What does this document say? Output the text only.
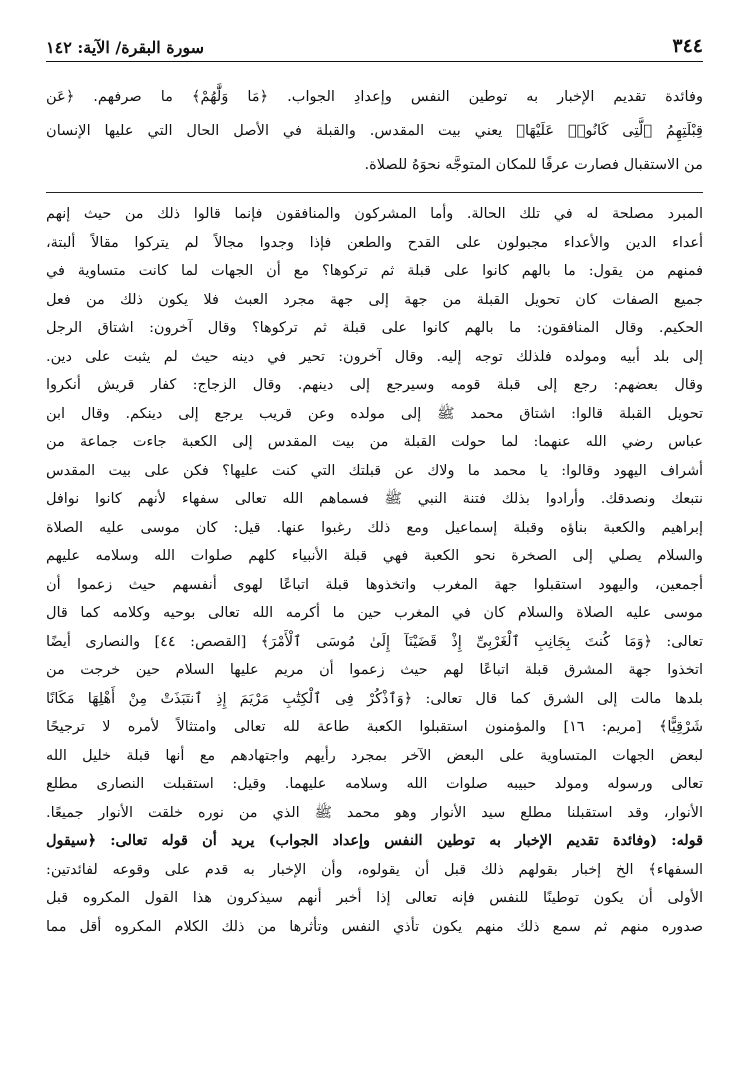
٣٤٤
سورة البقرة/ الآية: ١٤٢
وفائدة تقديم الإخبار به توطين النفس وإعدادِ الجواب. ﴿مَا وَلَّٰهُمْ﴾ ما صرفهم. ﴿عَن
قِبْلَتِهِمُ ٱلَّتِى كَانُوا۟ عَلَيْهَا﴾ يعني بيت المقدس. والقبلة في الأصل الحال التي عليها الإنسان
من الاستقبال فصارت عرفًا للمكان المتوجَّه نحوَهُ للصلاة.
المبرد مصلحة له في تلك الحالة. وأما المشركون والمنافقون فإنما قالوا ذلك من حيث إنهم
أعداء الدين والأعداء مجبولون على القدح والطعن فإذا وجدوا مجالاً لم يتركوا مقالاً ألبتة،
فمنهم من يقول: ما بالهم كانوا على قبلة ثم تركوها؟ مع أن الجهات لما كانت متساوية في
جميع الصفات كان تحويل القبلة من جهة إلى جهة مجرد العبث فلا يكون ذلك من فعل
الحكيم. وقال المنافقون: ما بالهم كانوا على قبلة ثم تركوها؟ وقال آخرون: اشتاق الرجل
إلى بلد أبيه ومولده فلذلك توجه إليه. وقال آخرون: تحير في دينه حيث لم يثبت على دين.
وقال بعضهم: رجع إلى قبلة قومه وسيرجع إلى دينهم. وقال الزجاج: كفار قريش أنكروا
تحويل القبلة قالوا: اشتاق محمد ﷺ إلى مولده وعن قريب يرجع إلى دينكم. وقال ابن
عباس رضي الله عنهما: لما حولت القبلة من بيت المقدس إلى الكعبة جاءت جماعة من
أشراف اليهود وقالوا: يا محمد ما ولاك عن قبلتك التي كنت عليها؟ فكن على بيت المقدس
نتبعك ونصدقك. وأرادوا بذلك فتنة النبي ﷺ فسماهم الله تعالى سفهاء لأنهم كانوا نوافل
إبراهيم والكعبة بناؤه وقبلة إسماعيل ومع ذلك رغبوا عنها. قيل: كان موسى عليه الصلاة
والسلام يصلي إلى الصخرة نحو الكعبة فهي قبلة الأنبياء كلهم صلوات الله وسلامه عليهم
أجمعين، واليهود استقبلوا جهة المغرب واتخذوها قبلة اتباعًا لهوى أنفسهم حيث زعموا أن
موسى عليه الصلاة والسلام كان في المغرب حين ما أكرمه الله تعالى بوحيه وكلامه كما قال
تعالى: ﴿وَمَا كُنتَ بِجَانِبِ ٱلْغَرْبِىِّ إِذْ قَضَيْنَآ إِلَىٰ مُوسَى ٱلْأَمْرَ﴾ [القصص: ٤٤] والنصارى أيضًا
اتخذوا جهة المشرق قبلة اتباعًا لهم حيث زعموا أن مريم عليها السلام حين خرجت من
بلدها مالت إلى الشرق كما قال تعالى: ﴿وَٱذْكُرْ فِى ٱلْكِتَٰبِ مَرْيَمَ إِذِ ٱنتَبَذَتْ مِنْ أَهْلِهَا مَكَانًا
شَرْقِيًّا﴾ [مريم: ١٦] والمؤمنون استقبلوا الكعبة طاعة لله تعالى وامتثالاً لأمره لا ترجيحًا
لبعض الجهات المتساوية على البعض الآخر بمجرد رأيهم واجتهادهم مع أنها قبلة خليل الله
تعالى ورسوله ومولد حبيبه صلوات الله وسلامه عليهما. وقيل: استقبلت النصارى مطلع
الأنوار، وقد استقبلنا مطلع سيد الأنوار وهو محمد ﷺ الذي من نوره خلقت الأنوار جميعًا.
قوله: (وفائدة تقديم الإخبار به توطين النفس وإعداد الجواب) يريد أن قوله تعالى: ﴿سيقول
السفهاء﴾ الخ إخبار بقولهم ذلك قبل أن يقولوه، وأن الإخبار به قدم على وقوعه لفائدتين:
الأولى أن يكون توطينًا للنفس فإنه تعالى إذا أخبر أنهم سيذكرون هذا القول المكروه قبل
صدوره منهم ثم سمع ذلك منهم يكون تأذي النفس وتأثرها من ذلك الكلام المكروه أقل مما
